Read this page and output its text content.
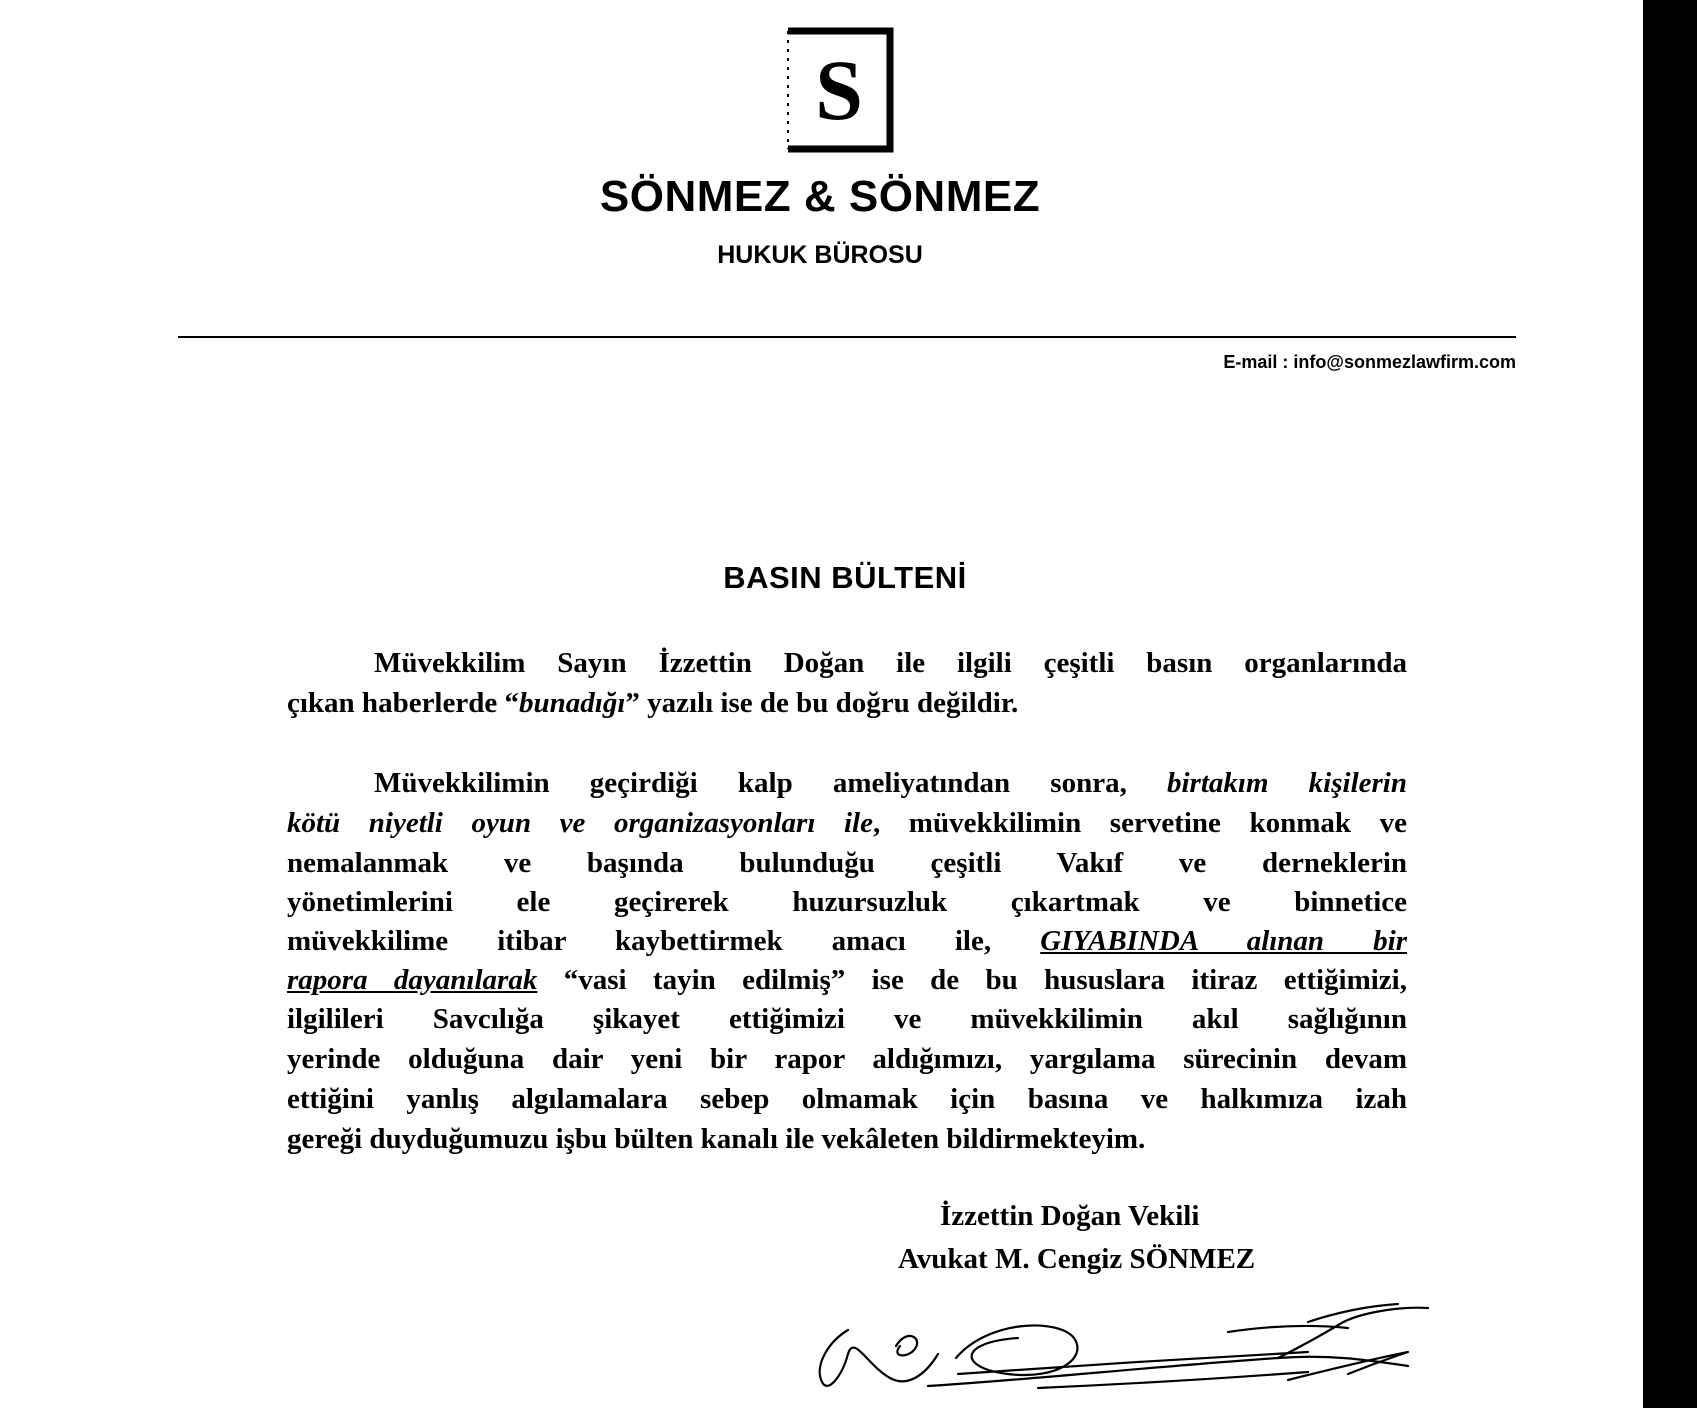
S
SÖNMEZ & SÖNMEZ
HUKUK BÜROSU
E-mail : info@sonmezlawfirm.com
BASIN BÜLTENİ
Müvekkilim Sayın İzzettin Doğan ile ilgili çeşitli basın organlarında
çıkan haberlerde “bunadığı” yazılı ise de bu doğru değildir.
Müvekkilimin geçirdiği kalp ameliyatından sonra, birtakım kişilerin
kötü niyetli oyun ve organizasyonları ile, müvekkilimin servetine konmak ve
nemalanmak ve başında bulunduğu çeşitli Vakıf ve derneklerin
yönetimlerini ele geçirerek huzursuzluk çıkartmak ve binnetice
müvekkilime itibar kaybettirmek amacı ile, GIYABINDA alınan bir
rapora dayanılarak “vasi tayin edilmiş” ise de bu hususlara itiraz ettiğimizi,
ilgilileri Savcılığa şikayet ettiğimizi ve müvekkilimin akıl sağlığının
yerinde olduğuna dair yeni bir rapor aldığımızı, yargılama sürecinin devam
ettiğini yanlış algılamalara sebep olmamak için basına ve halkımıza izah
gereği duyduğumuzu işbu bülten kanalı ile vekâleten bildirmekteyim.
İzzettin Doğan Vekili
Avukat M. Cengiz SÖNMEZ
